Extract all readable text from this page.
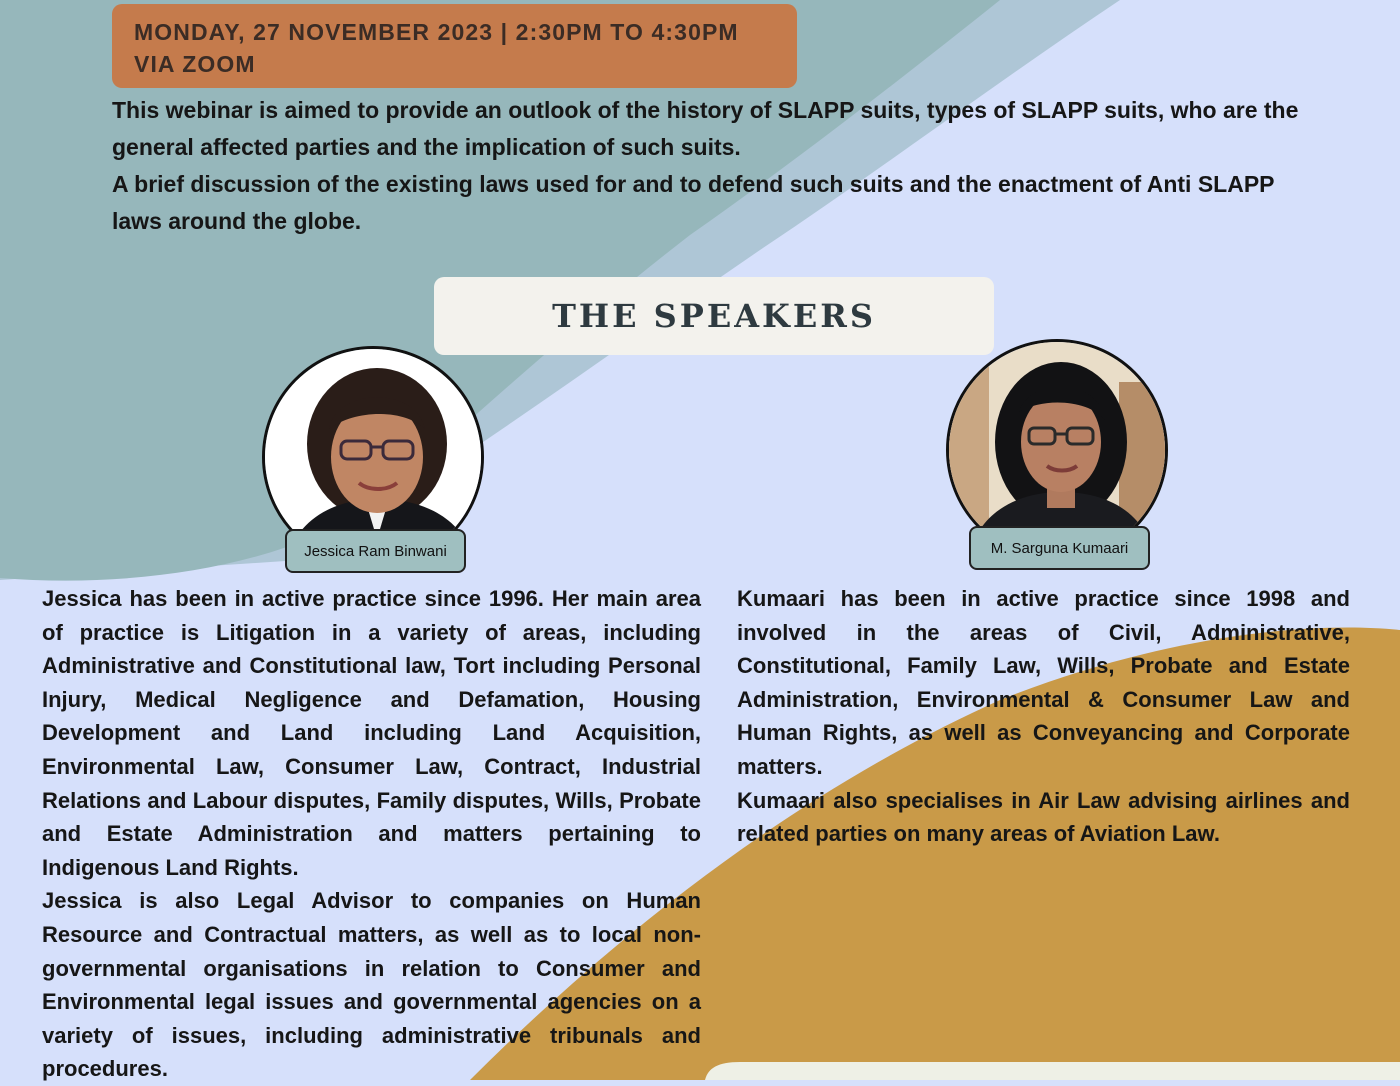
MONDAY, 27 NOVEMBER 2023 | 2:30PM TO 4:30PM
VIA ZOOM

This webinar is aimed to provide an outlook of the history of SLAPP suits, types of SLAPP suits, who are the general affected parties and the implication of such suits.

A brief discussion of the existing laws used for and to defend such suits and the enactment of Anti SLAPP laws around the globe.

THE SPEAKERS
Jessica Ram Binwani	M. Sarguna Kumaari

Jessica has been in active practice since 1996. Her main area of practice is Litigation in a variety of areas, including Administrative and Constitutional law, Tort including Personal Injury, Medical Negligence and Defamation, Housing Development and Land including Land Acquisition, Environmental Law, Consumer Law, Contract, Industrial Relations and Labour disputes, Family disputes, Wills, Probate and Estate Administration and matters pertaining to Indigenous Land Rights.

Jessica is also Legal Advisor to companies on Human Resource and Contractual matters, as well as to local non-governmental organisations in relation to Consumer and Environmental legal issues and governmental agencies on a variety of issues, including administrative tribunals and procedures.

Kumaari has been in active practice since 1998 and involved in the areas of Civil, Administrative, Constitutional, Family Law, Wills, Probate and Estate Administration, Environmental & Consumer Law and Human Rights, as well as Conveyancing and Corporate matters.

Kumaari also specialises in Air Law advising airlines and related parties on many areas of Aviation Law.
